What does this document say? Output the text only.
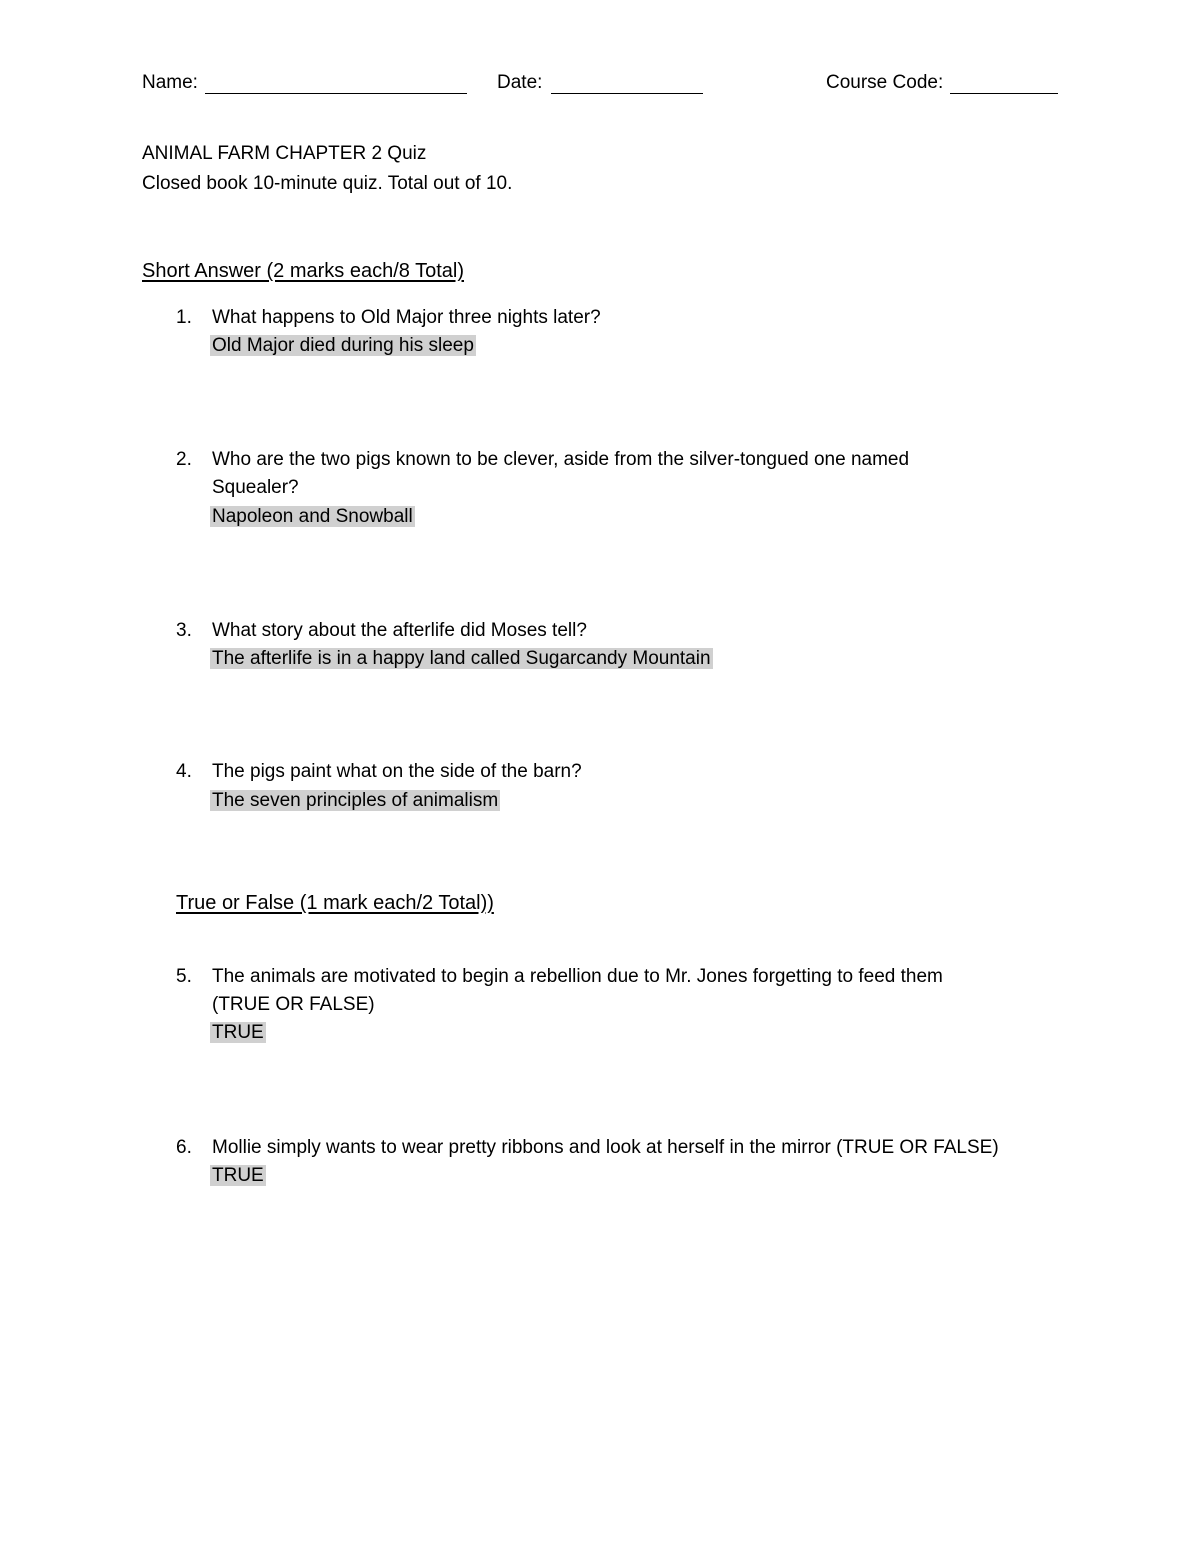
Name:	Date:	Course Code:
ANIMAL FARM CHAPTER 2 Quiz
Closed book 10-minute quiz. Total out of 10.
Short Answer (2 marks each/8 Total)
1.	What happens to Old Major three nights later?
Old Major died during his sleep
2.	Who are the two pigs known to be clever, aside from the silver-tongued one named
Squealer?
Napoleon and Snowball
3.	What story about the afterlife did Moses tell?
The afterlife is in a happy land called Sugarcandy Mountain
4.	The pigs paint what on the side of the barn?
The seven principles of animalism
True or False (1 mark each/2 Total))
5.	The animals are motivated to begin a rebellion due to Mr. Jones forgetting to feed them
(TRUE OR FALSE)
TRUE
6.	Mollie simply wants to wear pretty ribbons and look at herself in the mirror (TRUE OR FALSE)
TRUE
